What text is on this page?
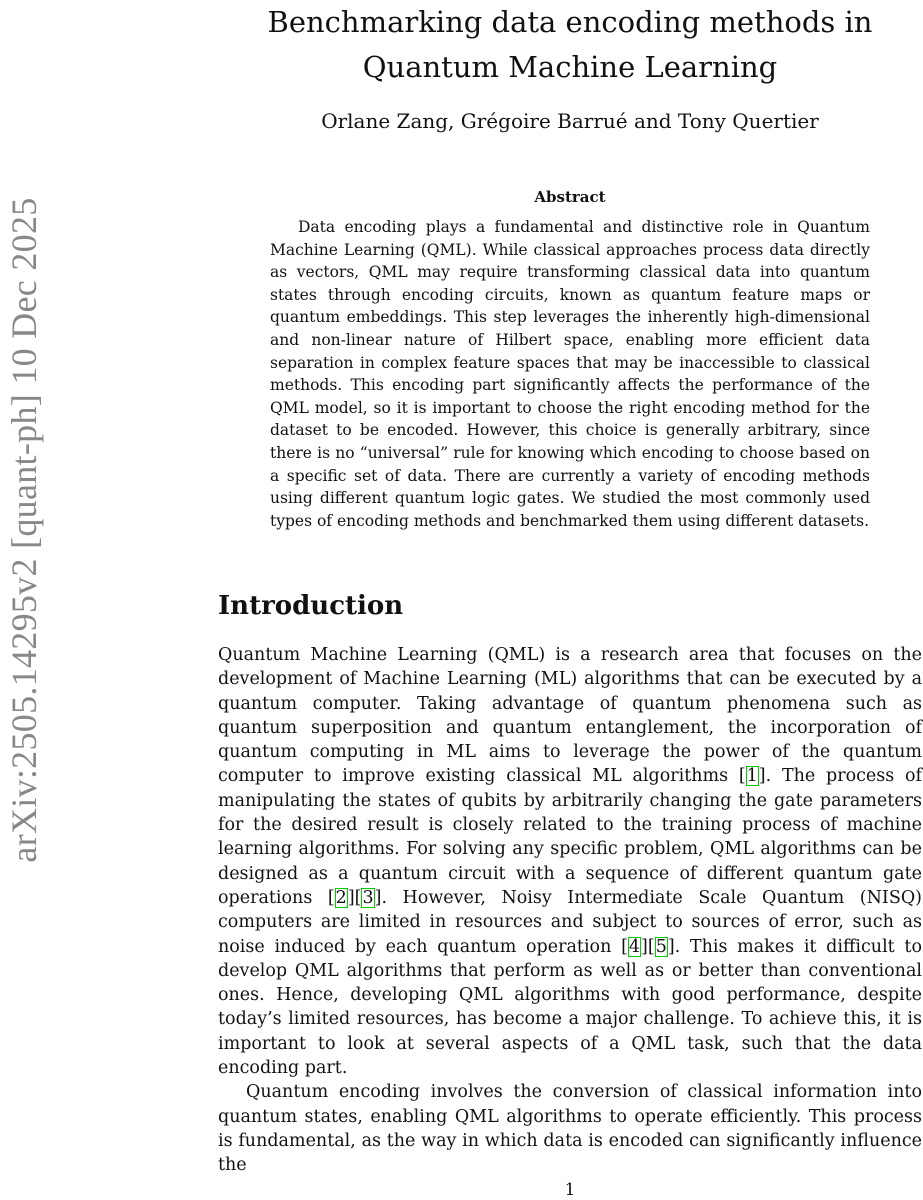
arXiv:2505.14295v2 [quant-ph] 10 Dec 2025
Benchmarking data encoding methods in
Quantum Machine Learning
Orlane Zang, Grégoire Barrué and Tony Quertier
Abstract

Data encoding plays a fundamental and distinctive role in Quantum Machine Learning (QML). While classical approaches process data directly as vectors, QML may require transforming classical data into quantum states through encoding circuits, known as quantum feature maps or quantum embeddings. This step leverages the inherently high-dimensional and non-linear nature of Hilbert space, enabling more efficient data separation in complex feature spaces that may be inaccessible to classical methods. This encoding part significantly affects the performance of the QML model, so it is important to choose the right encoding method for the dataset to be encoded. However, this choice is generally arbitrary, since there is no “universal” rule for knowing which encoding to choose based on a specific set of data. There are currently a variety of encoding methods using different quantum logic gates. We studied the most commonly used types of encoding methods and benchmarked them using different datasets.

Introduction

Quantum Machine Learning (QML) is a research area that focuses on the development of Machine Learning (ML) algorithms that can be executed by a quantum computer. Taking advantage of quantum phenomena such as quantum superposition and quantum entanglement, the incorporation of quantum computing in ML aims to leverage the power of the quantum computer to improve existing classical ML algorithms [1]. The process of manipulating the states of qubits by arbitrarily changing the gate parameters for the desired result is closely related to the training process of machine learning algorithms. For solving any specific problem, QML algorithms can be designed as a quantum circuit with a sequence of different quantum gate operations [2][3]. However, Noisy Intermediate Scale Quantum (NISQ) computers are limited in resources and subject to sources of error, such as noise induced by each quantum operation [4][5]. This makes it difficult to develop QML algorithms that perform as well as or better than conventional ones. Hence, developing QML algorithms with good performance, despite today’s limited resources, has become a major challenge. To achieve this, it is important to look at several aspects of a QML task, such that the data encoding part.

Quantum encoding involves the conversion of classical information into quantum states, enabling QML algorithms to operate efficiently. This process is fundamental, as the way in which data is encoded can significantly influence the

1
